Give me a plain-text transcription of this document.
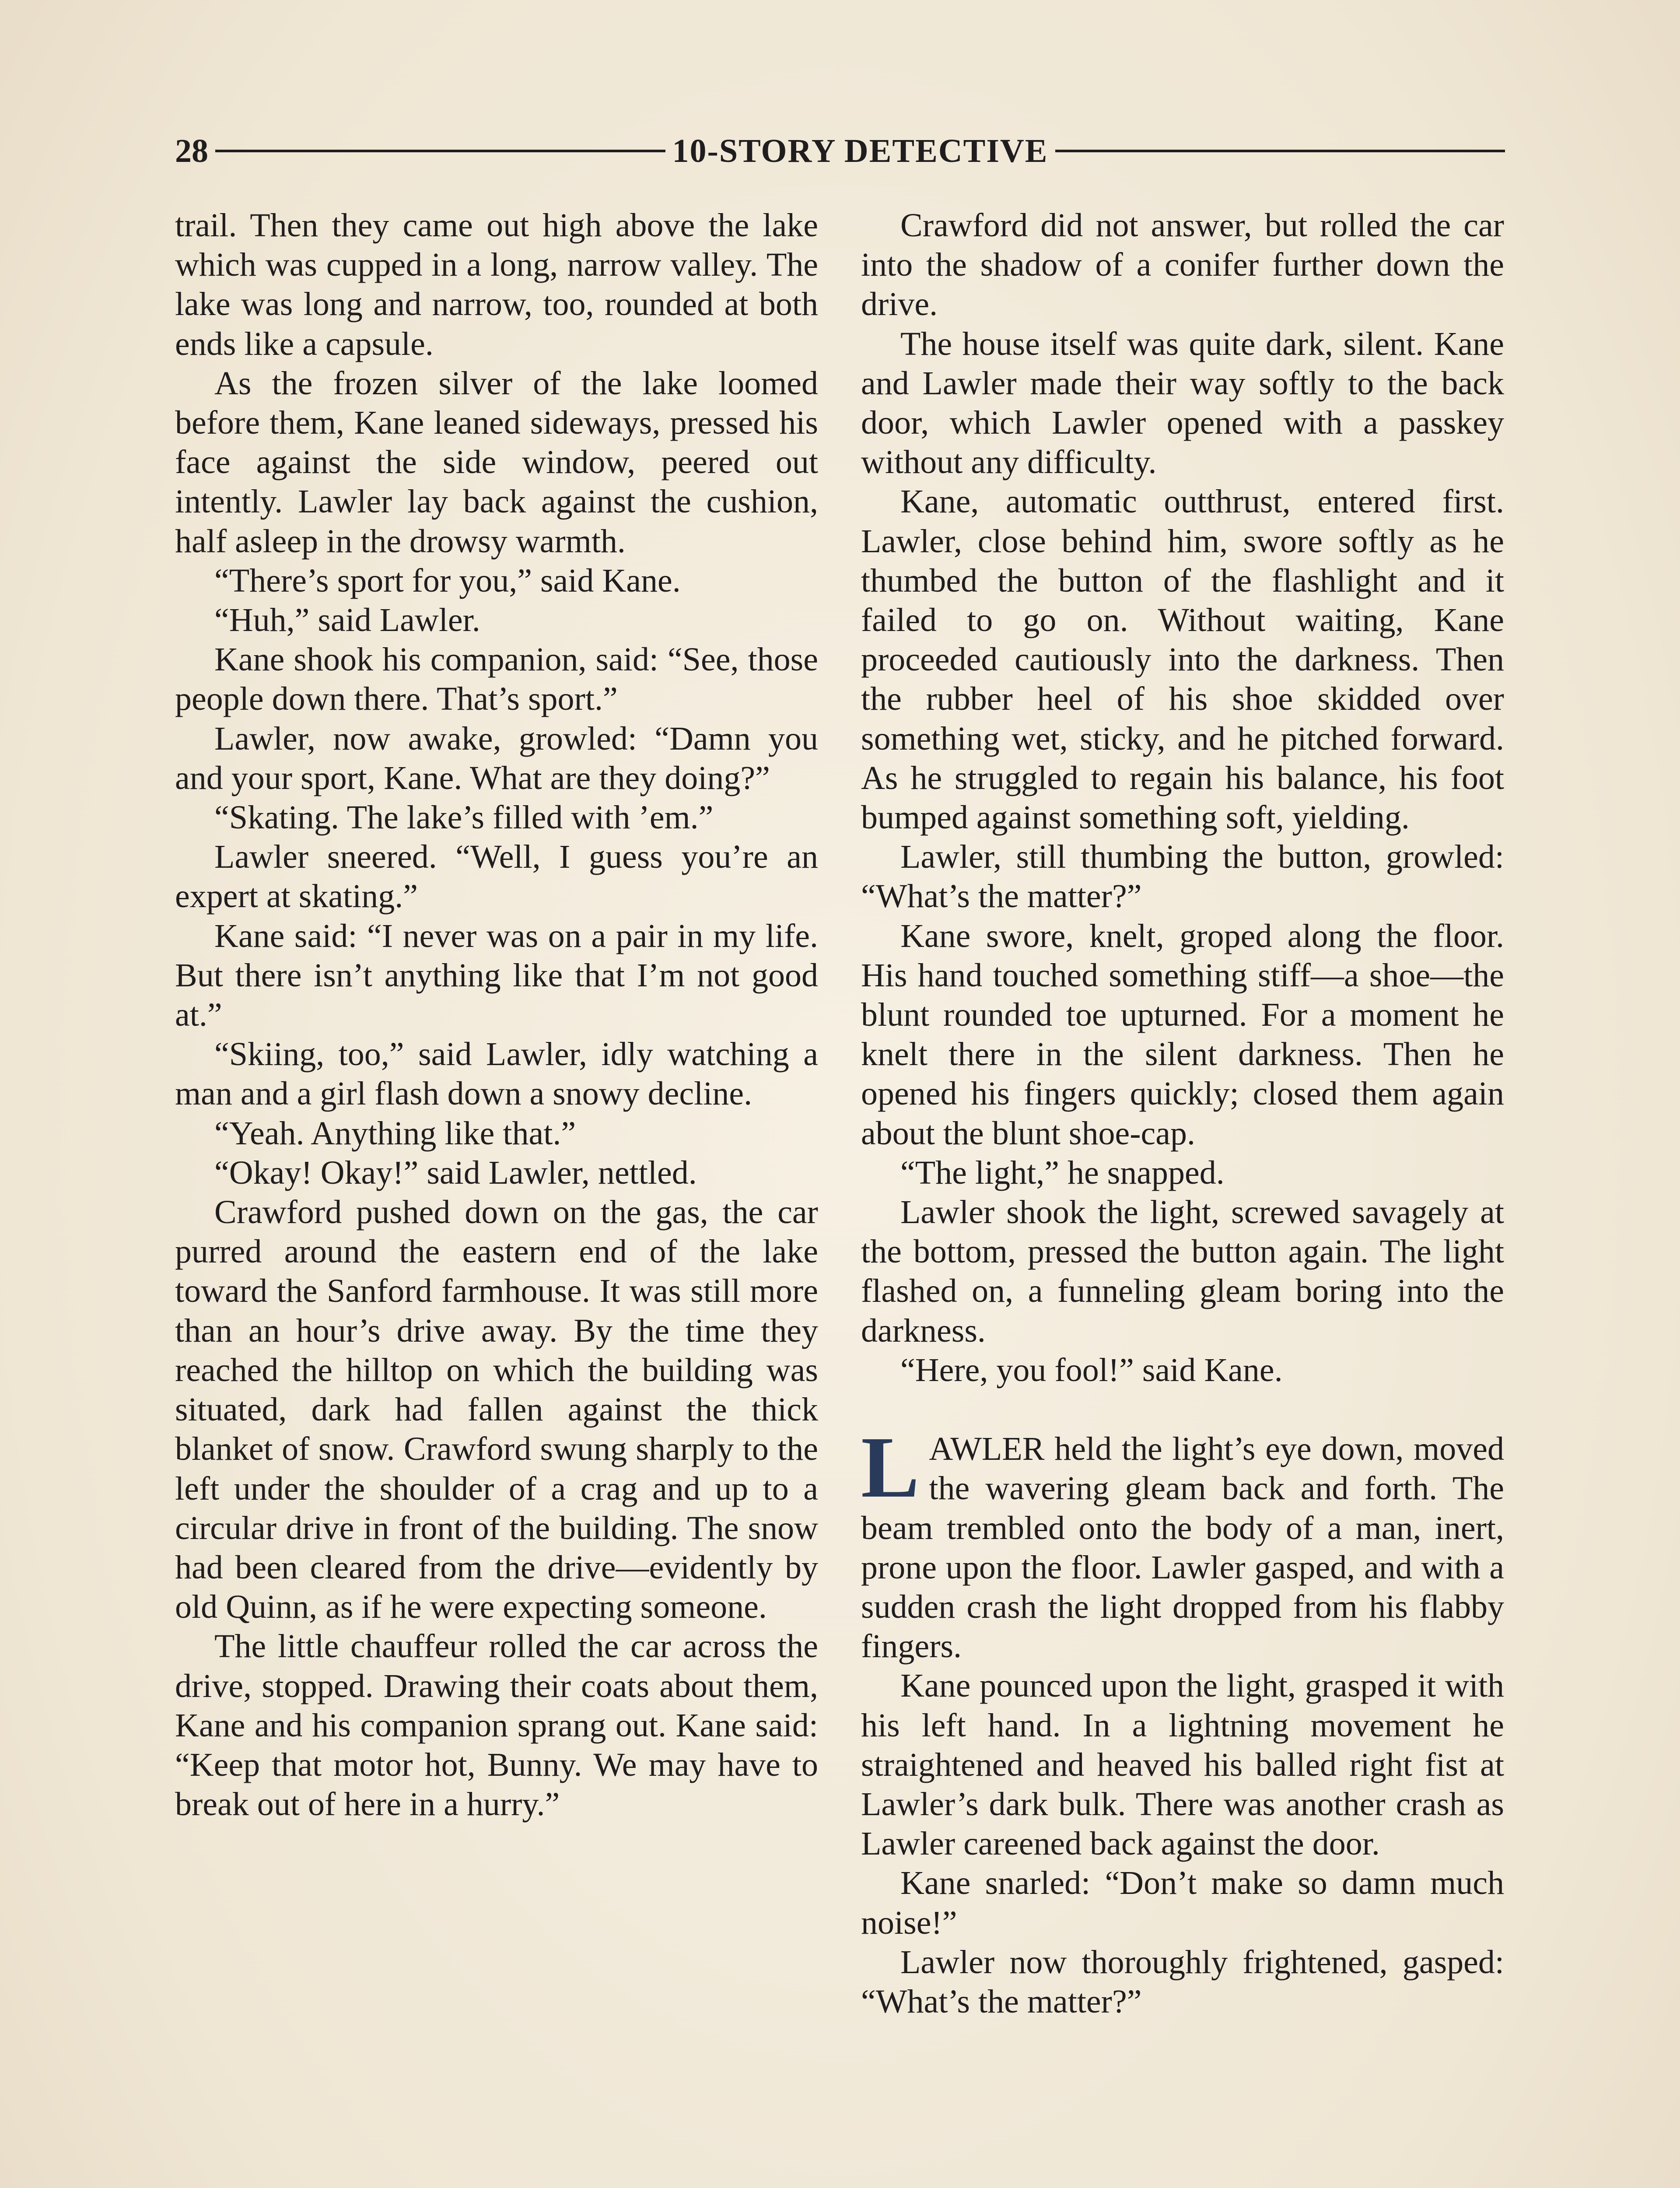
28	10-STORY DETECTIVE

trail. Then they came out high above the lake which was cupped in a long, narrow valley. The lake was long and narrow, too, rounded at both ends like a capsule.

As the frozen silver of the lake loomed before them, Kane leaned sideways, pressed his face against the side window, peered out intently. Lawler lay back against the cushion, half asleep in the drowsy warmth.

“There’s sport for you,” said Kane.

“Huh,” said Lawler.

Kane shook his companion, said: “See, those people down there. That’s sport.”

Lawler, now awake, growled: “Damn you and your sport, Kane. What are they doing?”

“Skating. The lake’s filled with ’em.”

Lawler sneered. “Well, I guess you’re an expert at skating.”

Kane said: “I never was on a pair in my life. But there isn’t anything like that I’m not good at.”

“Skiing, too,” said Lawler, idly watching a man and a girl flash down a snowy decline.

“Yeah. Anything like that.”

“Okay! Okay!” said Lawler, nettled.

Crawford pushed down on the gas, the car purred around the eastern end of the lake toward the Sanford farmhouse. It was still more than an hour’s drive away. By the time they reached the hilltop on which the building was situated, dark had fallen against the thick blanket of snow. Crawford swung sharply to the left under the shoulder of a crag and up to a circular drive in front of the building. The snow had been cleared from the drive—evidently by old Quinn, as if he were expecting someone.

The little chauffeur rolled the car across the drive, stopped. Drawing their coats about them, Kane and his companion sprang out. Kane said: “Keep that motor hot, Bunny. We may have to break out of here in a hurry.”

Crawford did not answer, but rolled the car into the shadow of a conifer further down the drive.

The house itself was quite dark, silent. Kane and Lawler made their way softly to the back door, which Lawler opened with a passkey without any difficulty.

Kane, automatic outthrust, entered first. Lawler, close behind him, swore softly as he thumbed the button of the flashlight and it failed to go on. Without waiting, Kane proceeded cautiously into the darkness. Then the rubber heel of his shoe skidded over something wet, sticky, and he pitched forward. As he struggled to regain his balance, his foot bumped against something soft, yielding.

Lawler, still thumbing the button, growled: “What’s the matter?”

Kane swore, knelt, groped along the floor. His hand touched something stiff—a shoe—the blunt rounded toe upturned. For a moment he knelt there in the silent darkness. Then he opened his fingers quickly; closed them again about the blunt shoe-cap.

“The light,” he snapped.

Lawler shook the light, screwed savagely at the bottom, pressed the button again. The light flashed on, a funneling gleam boring into the darkness.

“Here, you fool!” said Kane.

LAWLER held the light’s eye down, moved the wavering gleam back and forth. The beam trembled onto the body of a man, inert, prone upon the floor. Lawler gasped, and with a sudden crash the light dropped from his flabby fingers.

Kane pounced upon the light, grasped it with his left hand. In a lightning movement he straightened and heaved his balled right fist at Lawler’s dark bulk. There was another crash as Lawler careened back against the door.

Kane snarled: “Don’t make so damn much noise!”

Lawler now thoroughly frightened, gasped: “What’s the matter?”
